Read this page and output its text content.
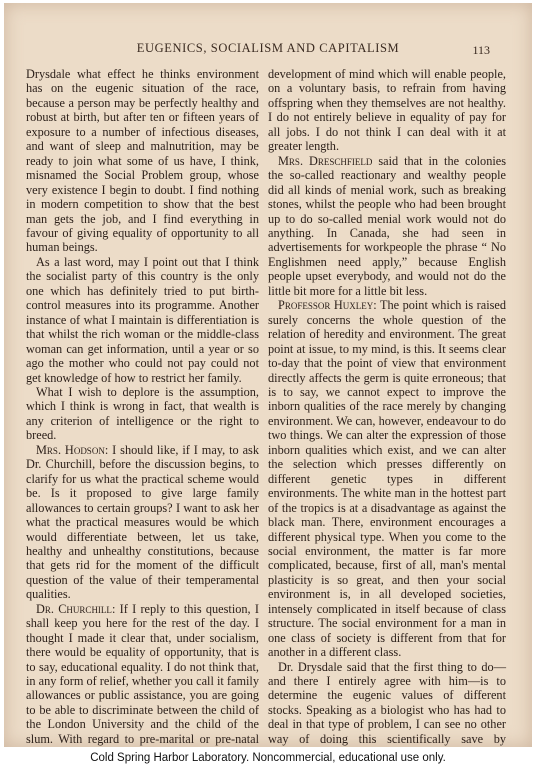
EUGENICS, SOCIALISM AND CAPITALISM	113

Drysdale what effect he thinks environment has on the eugenic situation of the race, because a person may be perfectly healthy and robust at birth, but after ten or fifteen years of exposure to a number of infectious diseases, and want of sleep and malnutrition, may be ready to join what some of us have, I think, misnamed the Social Problem group, whose very existence I begin to doubt. I find nothing in modern competition to show that the best man gets the job, and I find everything in favour of giving equality of opportunity to all human beings.

As a last word, may I point out that I think the socialist party of this country is the only one which has definitely tried to put birth-control measures into its programme. Another instance of what I maintain is differentiation is that whilst the rich woman or the middle-class woman can get information, until a year or so ago the mother who could not pay could not get knowledge of how to restrict her family.

What I wish to deplore is the assumption, which I think is wrong in fact, that wealth is any criterion of intelligence or the right to breed.

Mrs. Hodson: I should like, if I may, to ask Dr. Churchill, before the discussion begins, to clarify for us what the practical scheme would be. Is it proposed to give large family allowances to certain groups? I want to ask her what the practical measures would be which would differentiate between, let us take, healthy and unhealthy constitutions, because that gets rid for the moment of the difficult question of the value of their temperamental qualities.

Dr. Churchill: If I reply to this question, I shall keep you here for the rest of the day. I thought I made it clear that, under socialism, there would be equality of opportunity, that is to say, educational equality. I do not think that, in any form of relief, whether you call it family allowances or public assistance, you are going to be able to discriminate between the child of the London University and the child of the slum. With regard to pre-marital or pre-natal

development of mind which will enable people, on a voluntary basis, to refrain from having offspring when they themselves are not healthy. I do not entirely believe in equality of pay for all jobs. I do not think I can deal with it at greater length.

Mrs. Dreschfield said that in the colonies the so-called reactionary and wealthy people did all kinds of menial work, such as breaking stones, whilst the people who had been brought up to do so-called menial work would not do anything. In Canada, she had seen in advertisements for workpeople the phrase “ No Englishmen need apply,” because English people upset everybody, and would not do the little bit more for a little bit less.

Professor Huxley: The point which is raised surely concerns the whole question of the relation of heredity and environment. The great point at issue, to my mind, is this. It seems clear to-day that the point of view that environment directly affects the germ is quite erroneous; that is to say, we cannot expect to improve the inborn qualities of the race merely by changing environment. We can, however, endeavour to do two things. We can alter the expression of those inborn qualities which exist, and we can alter the selection which presses differently on different genetic types in different environments. The white man in the hottest part of the tropics is at a disadvantage as against the black man. There, environment encourages a different physical type. When you come to the social environment, the matter is far more complicated, because, first of all, man's mental plasticity is so great, and then your social environment is, in all developed societies, intensely complicated in itself because of class structure. The social environment for a man in one class of society is different from that for another in a different class.

Dr. Drysdale said that the first thing to do—and there I entirely agree with him—is to determine the eugenic values of different stocks. Speaking as a biologist who has had to deal in that type of problem, I can see no other way of doing this scientifically save by

Cold Spring Harbor Laboratory. Noncommercial, educational use only.
